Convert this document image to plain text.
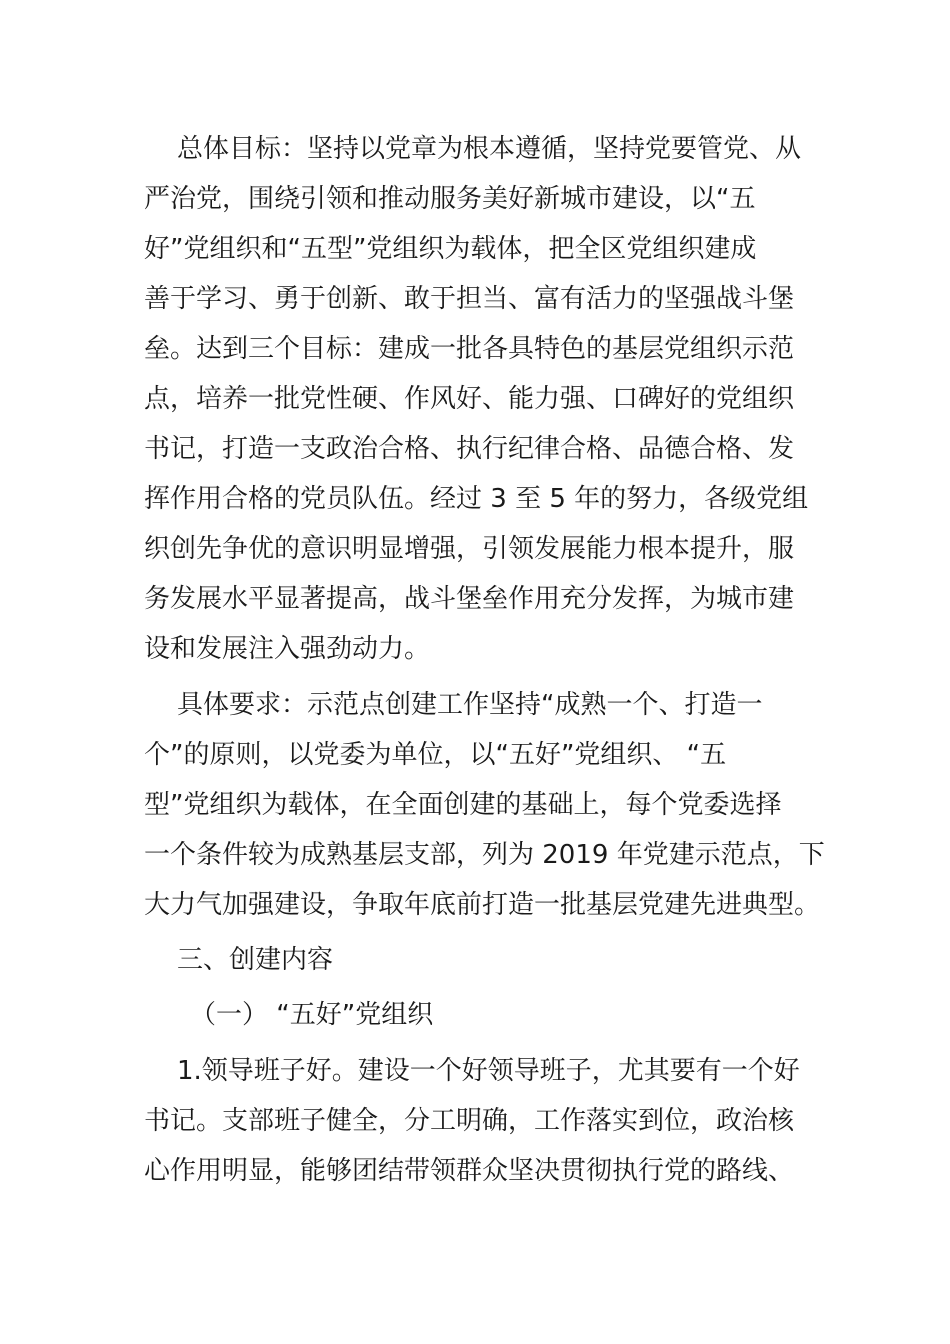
总体目标：坚持以党章为根本遵循，坚持党要管党、从
严治党，围绕引领和推动服务美好新城市建设，以“五
好”党组织和“五型”党组织为载体，把全区党组织建成
善于学习、勇于创新、敢于担当、富有活力的坚强战斗堡
垒。达到三个目标：建成一批各具特色的基层党组织示范
点，培养一批党性硬、作风好、能力强、口碑好的党组织
书记，打造一支政治合格、执行纪律合格、品德合格、发
挥作用合格的党员队伍。经过 3 至 5 年的努力，各级党组
织创先争优的意识明显增强，引领发展能力根本提升，服
务发展水平显著提高，战斗堡垒作用充分发挥，为城市建
设和发展注入强劲动力。
具体要求：示范点创建工作坚持“成熟一个、打造一
个”的原则，以党委为单位，以“五好”党组织、 “五
型”党组织为载体，在全面创建的基础上，每个党委选择
一个条件较为成熟基层支部，列为 2019 年党建示范点，下
大力气加强建设，争取年底前打造一批基层党建先进典型。
三、创建内容
（一） “五好”党组织
1.领导班子好。建设一个好领导班子，尤其要有一个好
书记。支部班子健全，分工明确，工作落实到位，政治核
心作用明显，能够团结带领群众坚决贯彻执行党的路线、
